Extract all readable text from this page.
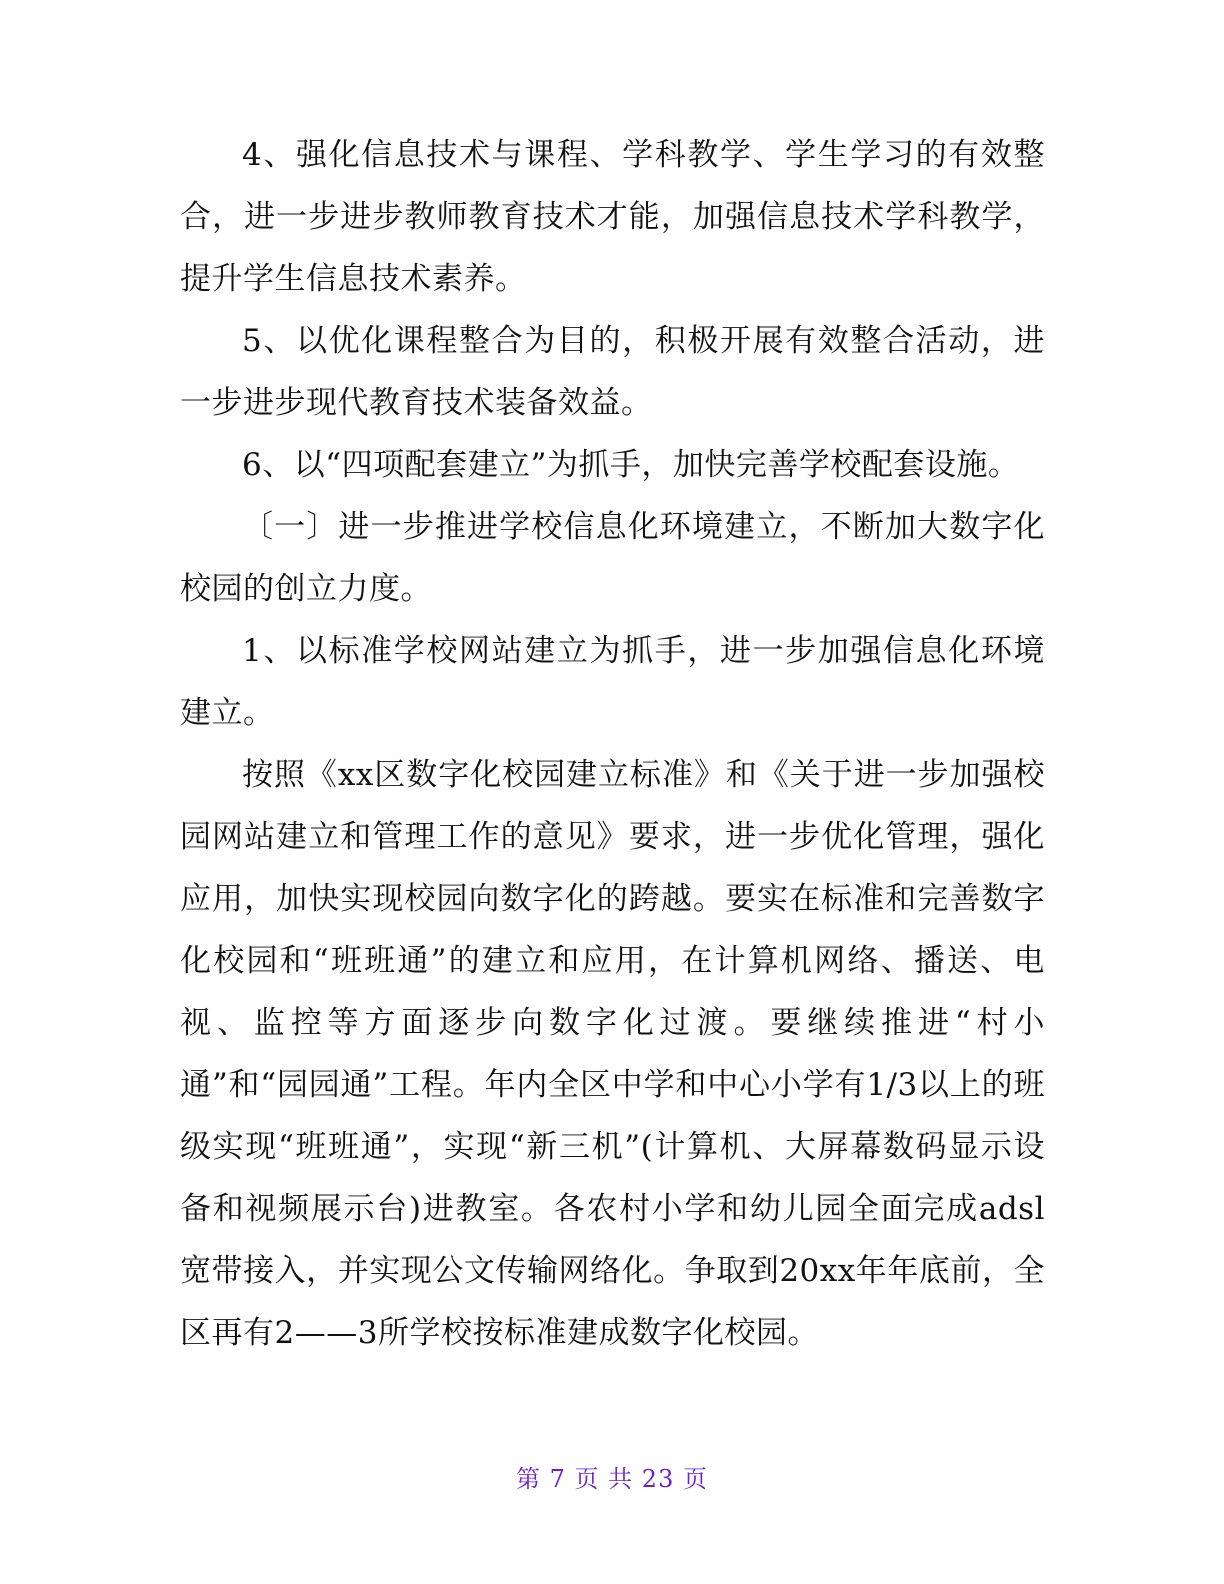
4、强化信息技术与课程、学科教学、学生学习的有效整合，进一步进步教师教育技术才能，加强信息技术学科教学，提升学生信息技术素养。

5、以优化课程整合为目的，积极开展有效整合活动，进一步进步现代教育技术装备效益。

6、以“四项配套建立”为抓手，加快完善学校配套设施。

〔一〕进一步推进学校信息化环境建立，不断加大数字化校园的创立力度。

1、以标准学校网站建立为抓手，进一步加强信息化环境建立。

按照《xx区数字化校园建立标准》和《关于进一步加强校园网站建立和管理工作的意见》要求，进一步优化管理，强化应用，加快实现校园向数字化的跨越。要实在标准和完善数字化校园和“班班通”的建立和应用，在计算机网络、播送、电视、监控等方面逐步向数字化过渡。要继续推进“村小通”和“园园通”工程。年内全区中学和中心小学有1/3以上的班级实现“班班通”，实现“新三机”(计算机、大屏幕数码显示设备和视频展示台)进教室。各农村小学和幼儿园全面完成adsl宽带接入，并实现公文传输网络化。争取到20xx年年底前，全区再有2——3所学校按标准建成数字化校园。

第 7 页 共 23 页
